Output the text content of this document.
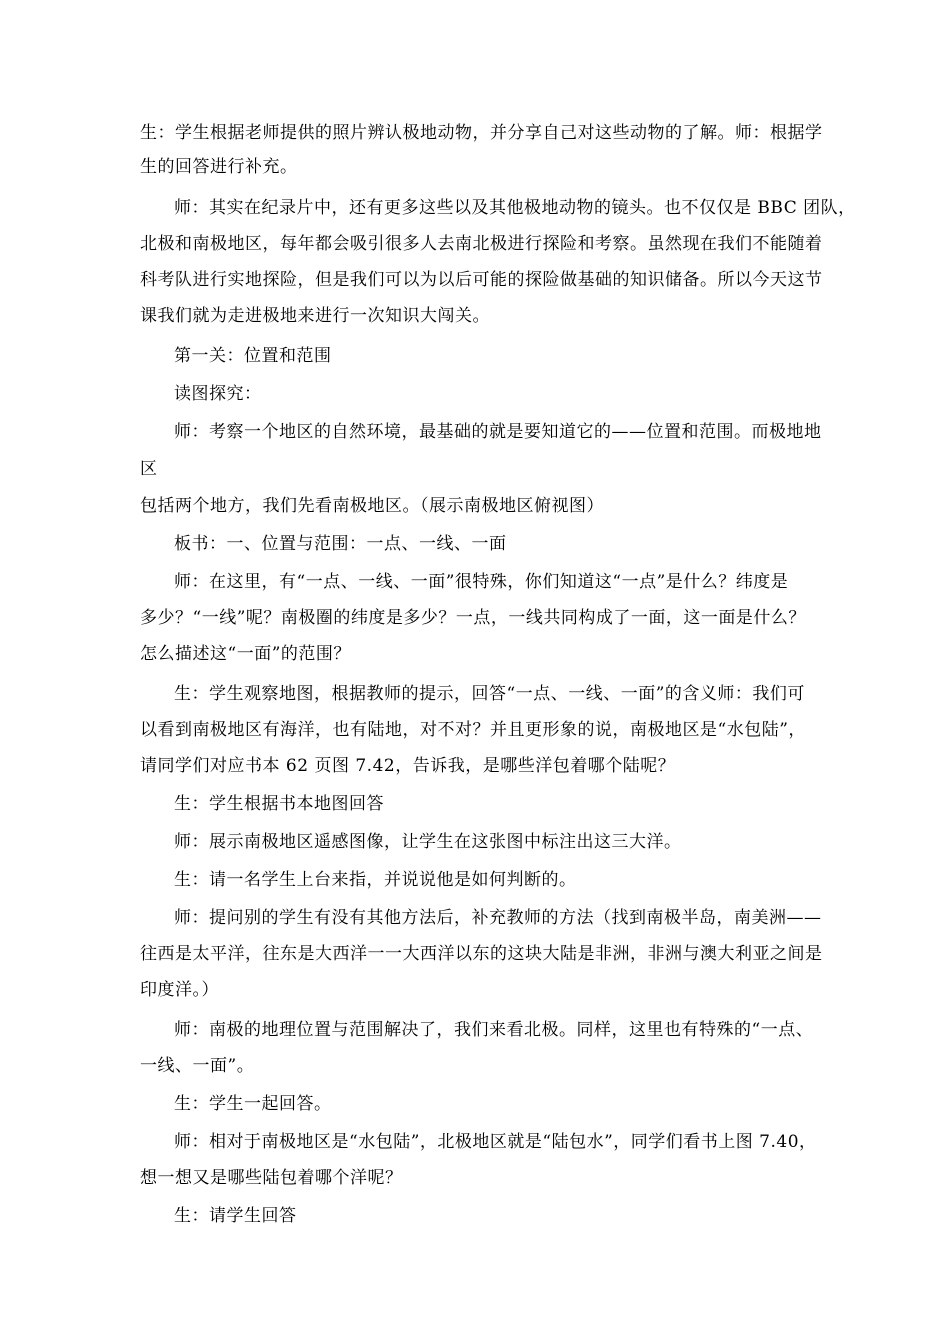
生：学生根据老师提供的照片辨认极地动物，并分享自己对这些动物的了解。师：根据学
生的回答进行补充。
师：其实在纪录片中，还有更多这些以及其他极地动物的镜头。也不仅仅是 BBC 团队，
北极和南极地区，每年都会吸引很多人去南北极进行探险和考察。虽然现在我们不能随着
科考队进行实地探险，但是我们可以为以后可能的探险做基础的知识储备。所以今天这节
课我们就为走进极地来进行一次知识大闯关。
第一关：位置和范围
读图探究：
师：考察一个地区的自然环境，最基础的就是要知道它的——位置和范围。而极地地
区
包括两个地方，我们先看南极地区。（展示南极地区俯视图）
板书：一、位置与范围：一点、一线、一面
师：在这里，有“一点、一线、一面”很特殊，你们知道这“一点”是什么？纬度是
多少？“一线”呢？南极圈的纬度是多少？一点，一线共同构成了一面，这一面是什么？
怎么描述这“一面”的范围？
生：学生观察地图，根据教师的提示，回答“一点、一线、一面”的含义师：我们可
以看到南极地区有海洋，也有陆地，对不对？并且更形象的说，南极地区是“水包陆”，
请同学们对应书本 62 页图 7.42，告诉我，是哪些洋包着哪个陆呢？
生：学生根据书本地图回答
师：展示南极地区遥感图像，让学生在这张图中标注出这三大洋。
生：请一名学生上台来指，并说说他是如何判断的。
师：提问别的学生有没有其他方法后，补充教师的方法（找到南极半岛，南美洲——
往西是太平洋，往东是大西洋一一大西洋以东的这块大陆是非洲，非洲与澳大利亚之间是
印度洋。）
师：南极的地理位置与范围解决了，我们来看北极。同样，这里也有特殊的“一点、
一线、一面”。
生：学生一起回答。
师：相对于南极地区是“水包陆”，北极地区就是“陆包水”，同学们看书上图 7.40，
想一想又是哪些陆包着哪个洋呢？
生：请学生回答
